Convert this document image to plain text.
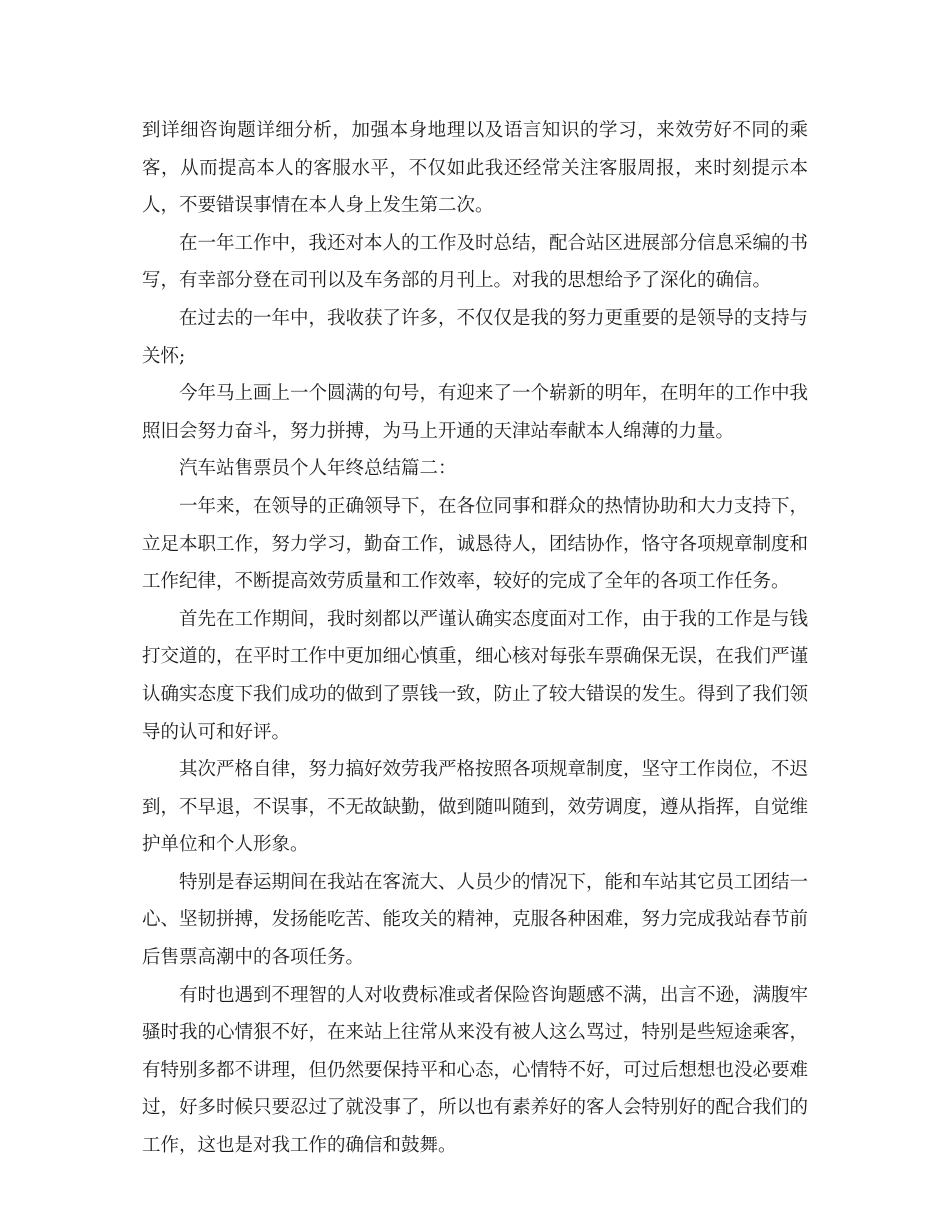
到详细咨询题详细分析，加强本身地理以及语言知识的学习，来效劳好不同的乘客，从而提高本人的客服水平，不仅如此我还经常关注客服周报，来时刻提示本人，不要错误事情在本人身上发生第二次。

在一年工作中，我还对本人的工作及时总结，配合站区进展部分信息采编的书写，有幸部分登在司刊以及车务部的月刊上。对我的思想给予了深化的确信。

在过去的一年中，我收获了许多，不仅仅是我的努力更重要的是领导的支持与关怀;

今年马上画上一个圆满的句号，有迎来了一个崭新的明年，在明年的工作中我照旧会努力奋斗，努力拼搏，为马上开通的天津站奉献本人绵薄的力量。

汽车站售票员个人年终总结篇二：

一年来，在领导的正确领导下，在各位同事和群众的热情协助和大力支持下，立足本职工作，努力学习，勤奋工作，诚恳待人，团结协作，恪守各项规章制度和工作纪律，不断提高效劳质量和工作效率，较好的完成了全年的各项工作任务。

首先在工作期间，我时刻都以严谨认确实态度面对工作，由于我的工作是与钱打交道的，在平时工作中更加细心慎重，细心核对每张车票确保无误，在我们严谨认确实态度下我们成功的做到了票钱一致，防止了较大错误的发生。得到了我们领导的认可和好评。

其次严格自律，努力搞好效劳我严格按照各项规章制度，坚守工作岗位，不迟到，不早退，不误事，不无故缺勤，做到随叫随到，效劳调度，遵从指挥，自觉维护单位和个人形象。

特别是春运期间在我站在客流大、人员少的情况下，能和车站其它员工团结一心、坚韧拼搏，发扬能吃苦、能攻关的精神，克服各种困难，努力完成我站春节前后售票高潮中的各项任务。

有时也遇到不理智的人对收费标准或者保险咨询题感不满，出言不逊，满腹牢骚时我的心情狠不好，在来站上往常从来没有被人这么骂过，特别是些短途乘客，有特别多都不讲理，但仍然要保持平和心态，心情特不好，可过后想想也没必要难过，好多时候只要忍过了就没事了，所以也有素养好的客人会特别好的配合我们的工作，这也是对我工作的确信和鼓舞。
